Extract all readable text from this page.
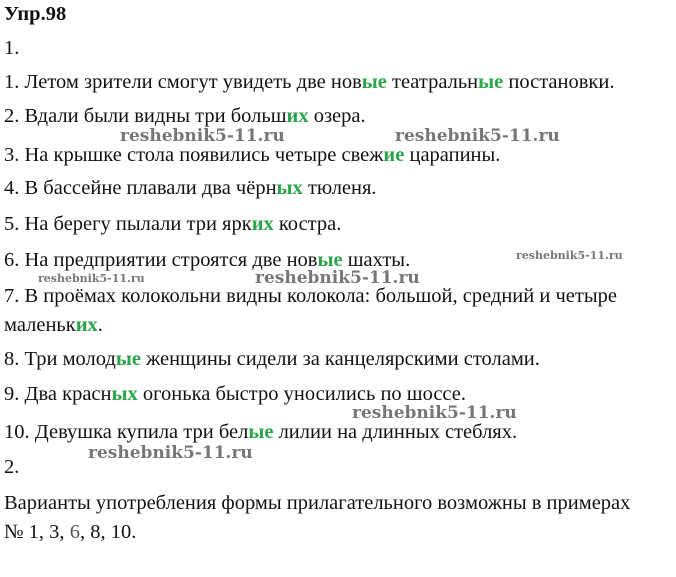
Упр.98
1.
1. Летом зрители смогут увидеть две новые театральные постановки.
2. Вдали были видны три больших озера.
3. На крышке стола появились четыре свежие царапины.
4. В бассейне плавали два чёрных тюленя.
5. На берегу пылали три ярких костра.
6. На предприятии строятся две новые шахты.
7. В проёмах колокольни видны колокола: большой, средний и четыре
маленьких.
8. Три молодые женщины сидели за канцелярскими столами.
9. Два красных огонька быстро уносились по шоссе.
10. Девушка купила три белые лилии на длинных стеблях.
2.
Варианты употребления формы прилагательного возможны в примерах
№ 1, 3, 6, 8, 10.
reshebnik5-11.ru	reshebnik5-11.ru
reshebnik5-11.ru
reshebnik5-11.ru	reshebnik5-11.ru
reshebnik5-11.ru
reshebnik5-11.ru
